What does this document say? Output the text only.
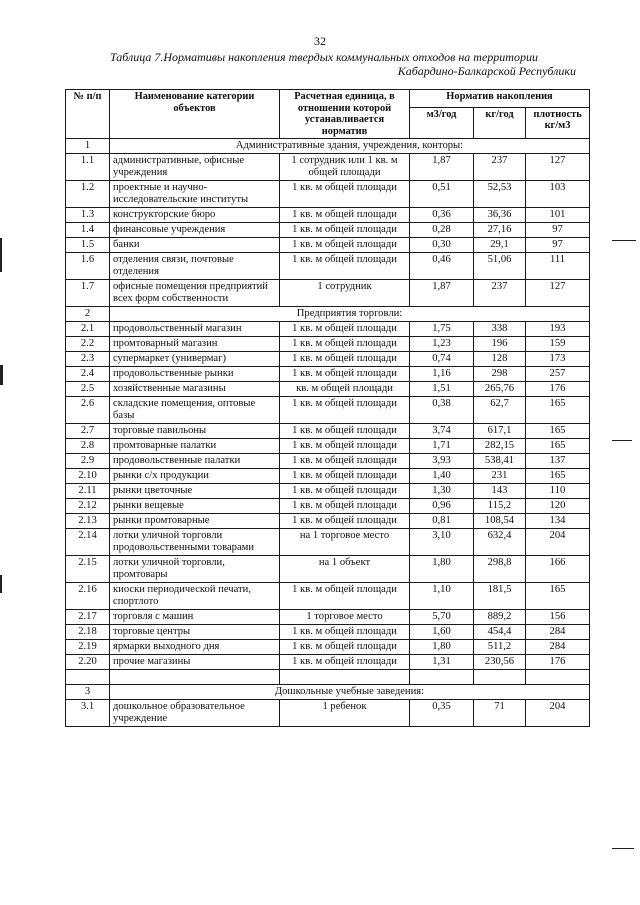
32
Таблица 7.Нормативы накопления твердых коммунальных отходов на территории
Кабардино-Балкарской Республики
№ п/п	Наименование категории объектов	Расчетная единица, в отношении которой устанавливается норматив	Норматив накопления		
			м3/год	кг/год	плотность кг/м3
1	Административные здания, учреждения, конторы:				
1.1	административные, офисные учреждения	1 сотрудник или 1 кв. м общей площади	1,87	237	127
1.2	проектные и научно-исследовательские институты	1 кв. м общей площади	0,51	52,53	103
1.3	конструкторские бюро	1 кв. м общей площади	0,36	36,36	101
1.4	финансовые учреждения	1 кв. м общей площади	0,28	27,16	97
1.5	банки	1 кв. м общей площади	0,30	29,1	97
1.6	отделения связи, почтовые отделения	1 кв. м общей площади	0,46	51,06	111
1.7	офисные помещения предприятий всех форм собственности	1 сотрудник	1,87	237	127
2	Предприятия торговли:				
2.1	продовольственный магазин	1 кв. м общей площади	1,75	338	193
2.2	промтоварный магазин	1 кв. м общей площади	1,23	196	159
2.3	супермаркет (универмаг)	1 кв. м общей площади	0,74	128	173
2.4	продовольственные рынки	1 кв. м общей площади	1,16	298	257
2.5	хозяйственные магазины	кв. м общей площади	1,51	265,76	176
2.6	складские помещения, оптовые базы	1 кв. м общей площади	0,38	62,7	165
2.7	торговые павильоны	1 кв. м общей площади	3,74	617,1	165
2.8	промтоварные палатки	1 кв. м общей площади	1,71	282,15	165
2.9	продовольственные палатки	1 кв. м общей площади	3,93	538,41	137
2.10	рынки с/х продукции	1 кв. м общей площади	1,40	231	165
2.11	рынки цветочные	1 кв. м общей площади	1,30	143	110
2.12	рынки вещевые	1 кв. м общей площади	0,96	115,2	120
2.13	рынки промтоварные	1 кв. м общей площади	0,81	108,54	134
2.14	лотки уличной торговли продовольственными товарами	на 1 торговое место	3,10	632,4	204
2.15	лотки уличной торговли, промтовары	на 1 объект	1,80	298,8	166
2.16	киоски периодической печати, спортлото	1 кв. м общей площади	1,10	181,5	165
2.17	торговля с машин	1 торговое место	5,70	889,2	156
2.18	торговые центры	1 кв. м общей площади	1,60	454,4	284
2.19	ярмарки выходного дня	1 кв. м общей площади	1,80	511,2	284
2.20	прочие магазины	1 кв. м общей площади	1,31	230,56	176

3	Дошкольные учебные заведения:				
3.1	дошкольное образовательное учреждение	1 ребенок	0,35	71	204
